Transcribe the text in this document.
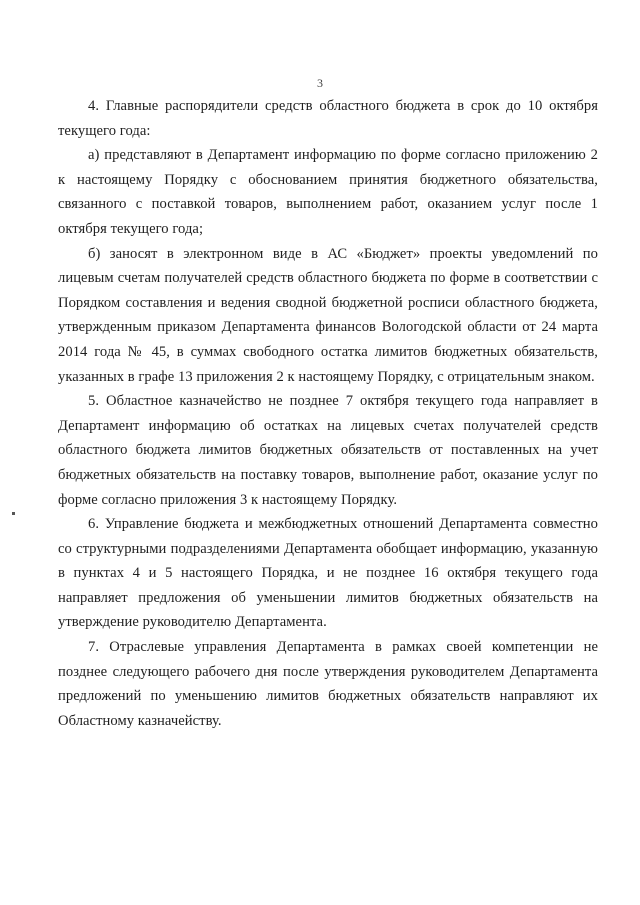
3

4. Главные распорядители средств областного бюджета в срок до 10 октября текущего года:

а) представляют в Департамент информацию по форме согласно приложению 2 к настоящему Порядку с обоснованием принятия бюджетного обязательства, связанного с поставкой товаров, выполнением работ, оказанием услуг после 1 октября текущего года;

б) заносят в электронном виде в АС «Бюджет» проекты уведомлений по лицевым счетам получателей средств областного бюджета по форме в соответствии с Порядком составления и ведения сводной бюджетной росписи областного бюджета, утвержденным приказом Департамента финансов Вологодской области от 24 марта 2014 года № 45, в суммах свободного остатка лимитов бюджетных обязательств, указанных в графе 13 приложения 2 к настоящему Порядку, с отрицательным знаком.

5. Областное казначейство не позднее 7 октября текущего года направляет в Департамент информацию об остатках на лицевых счетах получателей средств областного бюджета лимитов бюджетных обязательств от поставленных на учет бюджетных обязательств на поставку товаров, выполнение работ, оказание услуг по форме согласно приложения 3 к настоящему Порядку.

6. Управление бюджета и межбюджетных отношений Департамента совместно со структурными подразделениями Департамента обобщает информацию, указанную в пунктах 4 и 5 настоящего Порядка, и не позднее 16 октября текущего года направляет предложения об уменьшении лимитов бюджетных обязательств на утверждение руководителю Департамента.

7. Отраслевые управления Департамента в рамках своей компетенции не позднее следующего рабочего дня после утверждения руководителем Департамента предложений по уменьшению лимитов бюджетных обязательств направляют их Областному казначейству.
